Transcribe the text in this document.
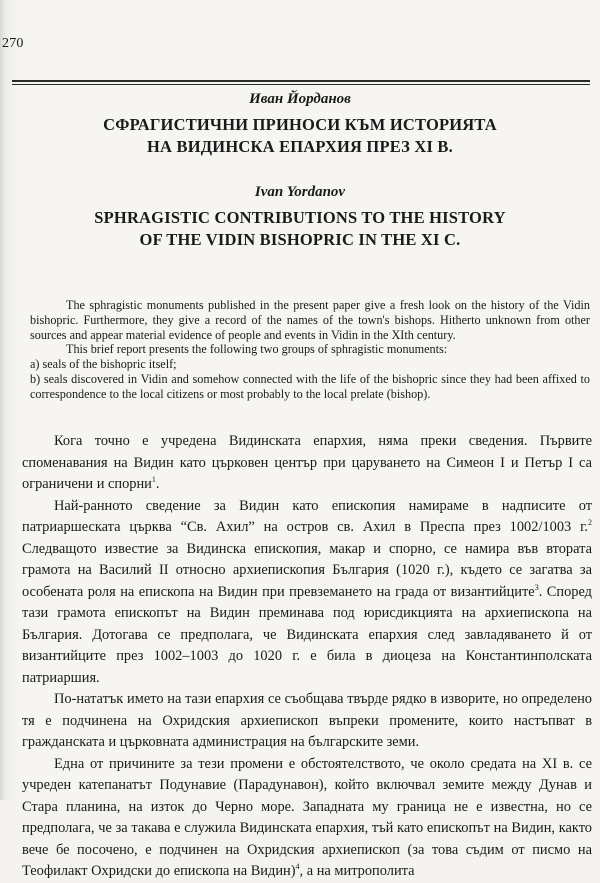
270
Иван Йорданов
СФРАГИСТИЧНИ ПРИНОСИ КЪМ ИСТОРИЯТА
НА ВИДИНСКА ЕПАРХИЯ ПРЕЗ XI В.
Ivan Yordanov
SPHRAGISTIC CONTRIBUTIONS TO THE HISTORY
OF THE VIDIN BISHOPRIC IN THE XI C.

The sphragistic monuments published in the present paper give a fresh look on the history of the Vidin bishopric. Furthermore, they give a record of the names of the town's bishops. Hitherto unknown from other sources and appear material evidence of people and events in Vidin in the XIth century.

This brief report presents the following two groups of sphragistic monuments:

a) seals of the bishopric itself;

b) seals discovered in Vidin and somehow connected with the life of the bishopric since they had been affixed to correspondence to the local citizens or most probably to the local prelate (bishop).

Кога точно е учредена Видинската епархия, няма преки сведения. Първите споменавания на Видин като църковен център при царуването на Симеон I и Петър I са ограничени и спорни$^1$.

Най-ранното сведение за Видин като епископия намираме в надписите от патриаршеската църква “Св. Ахил” на остров св. Ахил в Преспа през 1002/1003 г.$^2$ Следващото известие за Видинска епископия, макар и спорно, се намира във втората грамота на Василий II относно архиепископия България (1020 г.), където се загатва за особената роля на епископа на Видин при превземането на града от византийците$^3$. Според тази грамота епископът на Видин преминава под юрисдикцията на архиепископа на България. Дотогава се предполага, че Видинската епархия след завладяването й от византийците през 1002–1003 до 1020 г. е била в диоцеза на Константинполската патриаршия.

По-нататък името на тази епархия се съобщава твърде рядко в изворите, но определено тя е подчинена на Охридския архиепископ въпреки промените, които настъпват в гражданската и църковната администрация на българските земи.

Една от причините за тези промени е обстоятелството, че около средата на XI в. се учреден катепанатът Подунавие (Парадунавон), който включвал земите между Дунав и Стара планина, на изток до Черно море. Западната му граница не е известна, но се предполага, че за такава е служила Видинската епархия, тъй като епископът на Видин, както вече бе посочено, е подчинен на Охридския архиепископ (за това съдим от писмо на Теофилакт Охридски до епископа на Видин)$^4$, а на митрополита
